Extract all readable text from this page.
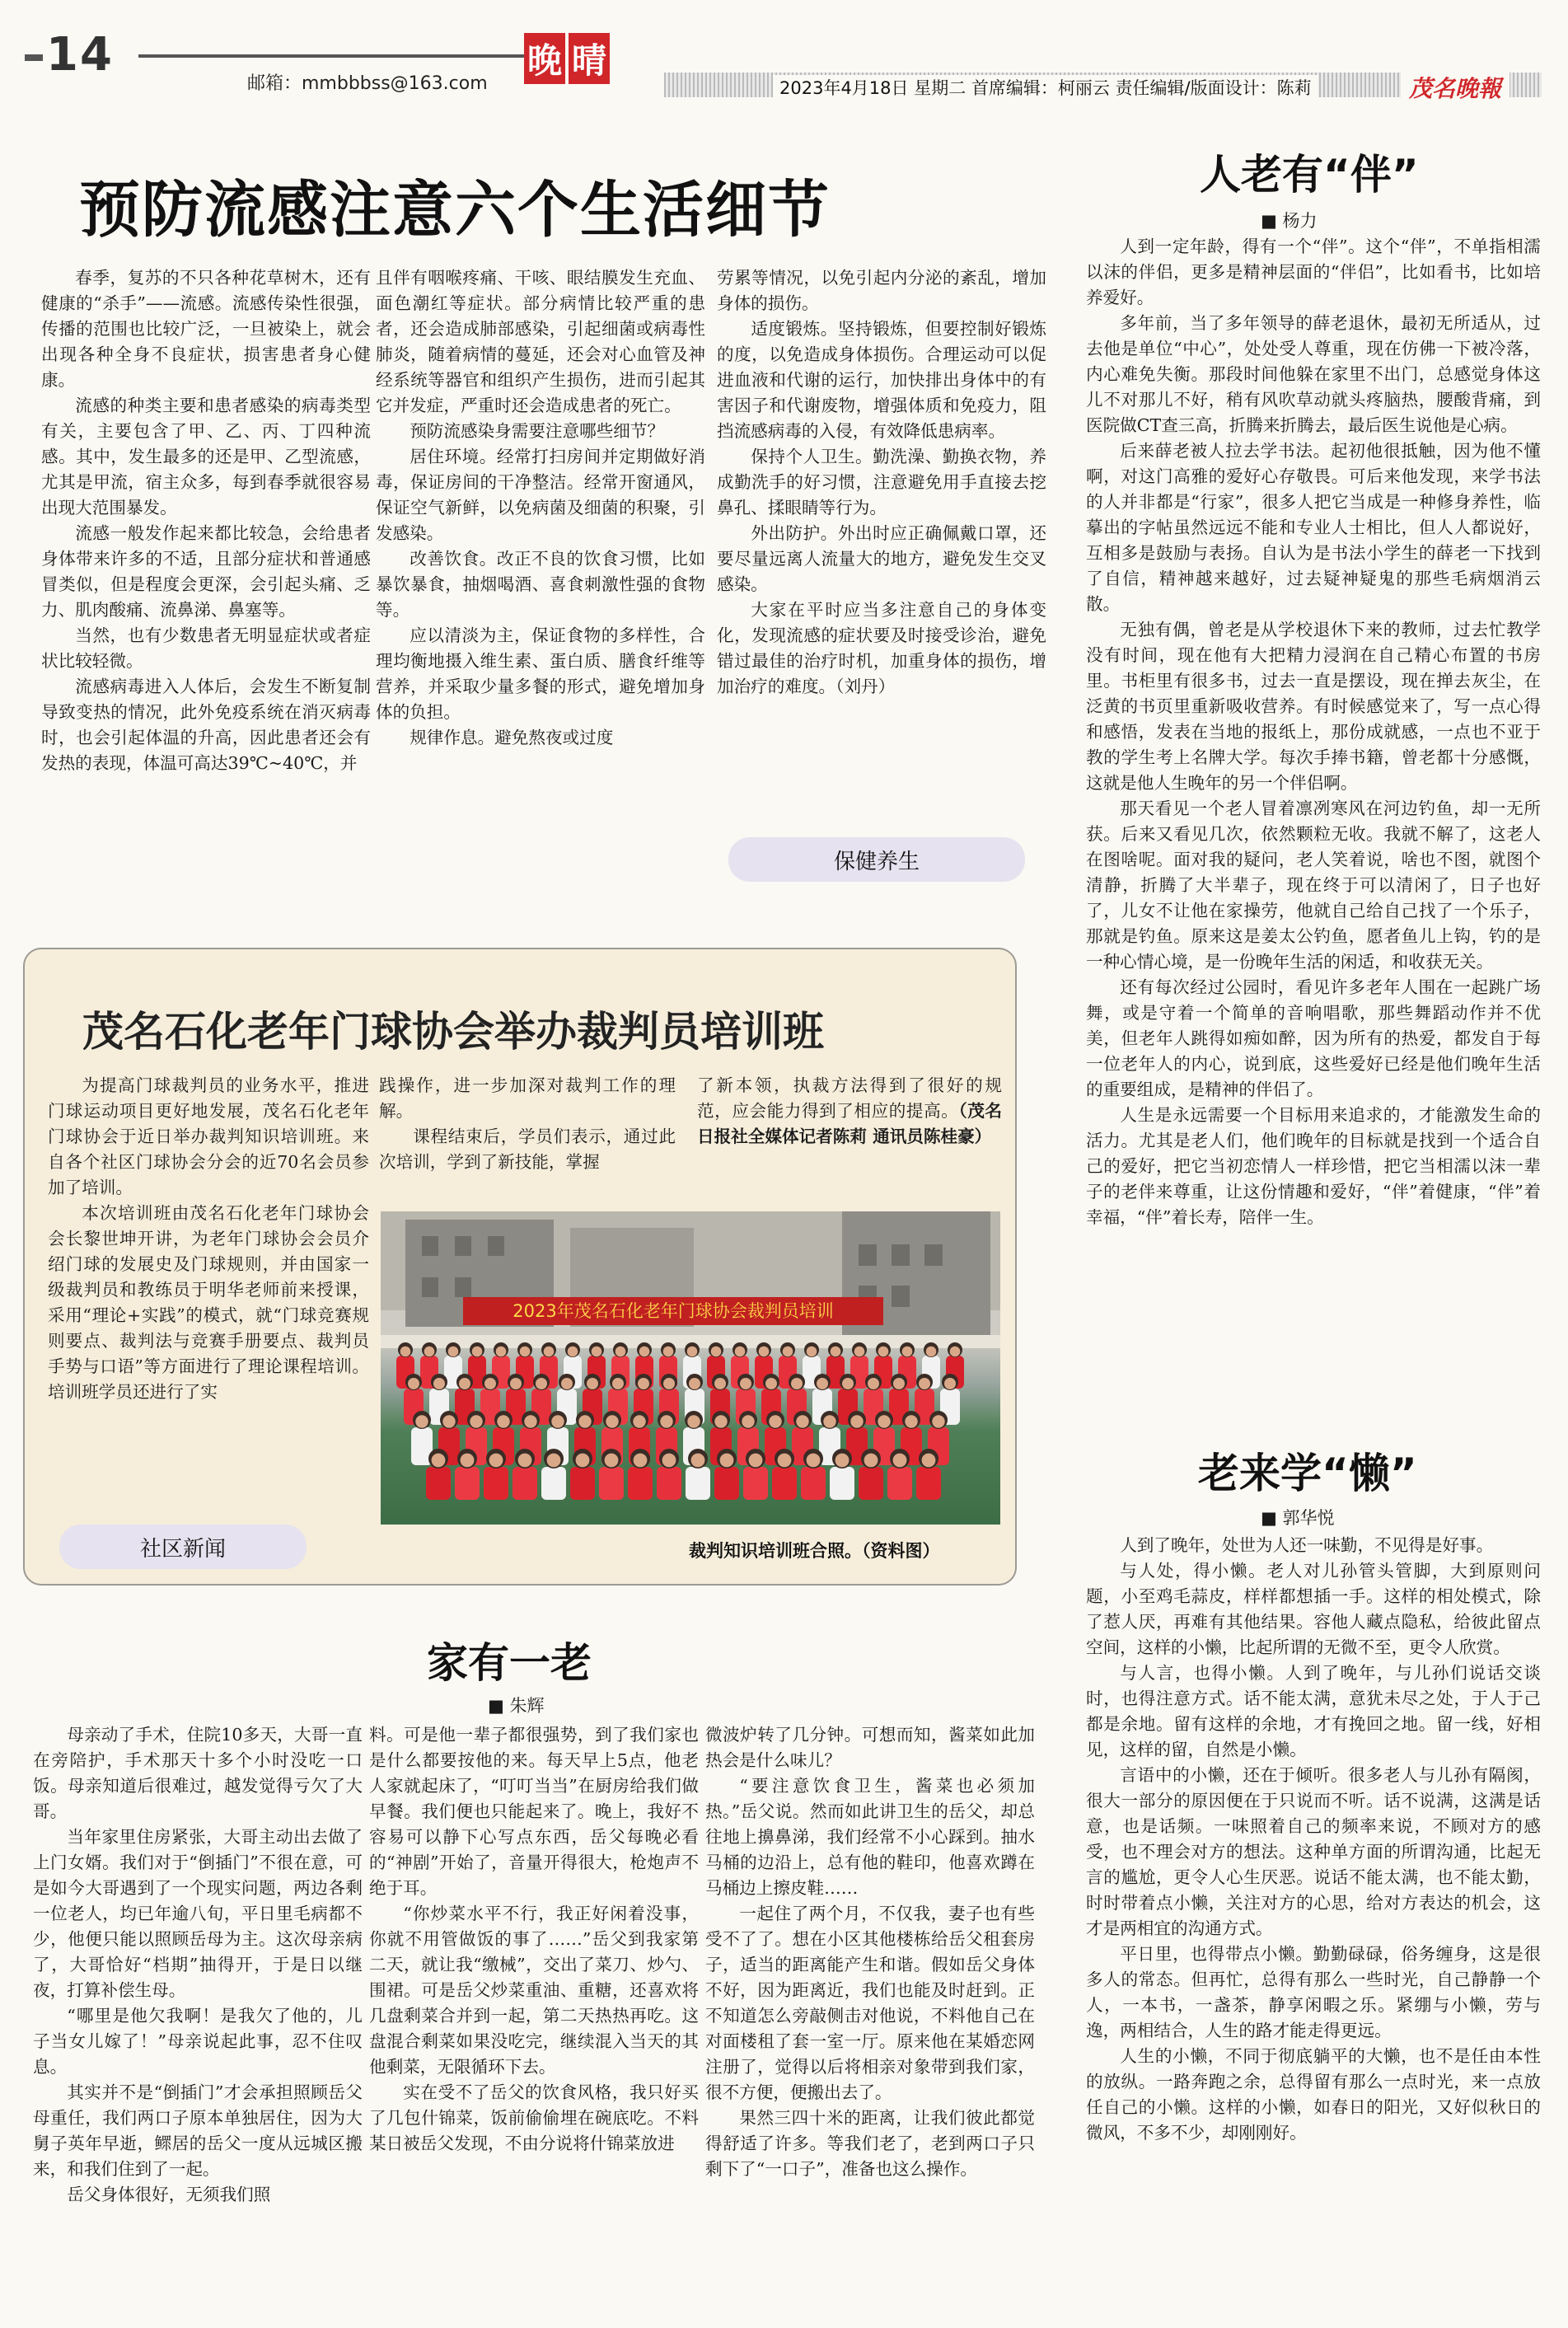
14
邮箱：mmbbbss@163.com
晚 晴
2023年4月18日 星期二 首席编辑：柯丽云 责任编辑/版面设计：陈莉	茂名晚報
预防流感注意六个生活细节

春季，复苏的不只各种花草树木，还有健康的“杀手”——流感。流感传染性很强，传播的范围也比较广泛，一旦被染上，就会出现各种全身不良症状，损害患者身心健康。

流感的种类主要和患者感染的病毒类型有关，主要包含了甲、乙、丙、丁四种流感。其中，发生最多的还是甲、乙型流感，尤其是甲流，宿主众多，每到春季就很容易出现大范围暴发。

流感一般发作起来都比较急，会给患者身体带来许多的不适，且部分症状和普通感冒类似，但是程度会更深，会引起头痛、乏力、肌肉酸痛、流鼻涕、鼻塞等。

当然，也有少数患者无明显症状或者症状比较轻微。

流感病毒进入人体后，会发生不断复制导致变热的情况，此外免疫系统在消灭病毒时，也会引起体温的升高，因此患者还会有发热的表现，体温可高达39℃~40℃，并

且伴有咽喉疼痛、干咳、眼结膜发生充血、面色潮红等症状。部分病情比较严重的患者，还会造成肺部感染，引起细菌或病毒性肺炎，随着病情的蔓延，还会对心血管及神经系统等器官和组织产生损伤，进而引起其它并发症，严重时还会造成患者的死亡。

预防流感染身需要注意哪些细节？

居住环境。经常打扫房间并定期做好消毒，保证房间的干净整洁。经常开窗通风，保证空气新鲜，以免病菌及细菌的积聚，引发感染。

改善饮食。改正不良的饮食习惯，比如暴饮暴食，抽烟喝酒、喜食刺激性强的食物等。

应以清淡为主，保证食物的多样性，合理均衡地摄入维生素、蛋白质、膳食纤维等营养，并采取少量多餐的形式，避免增加身体的负担。

规律作息。避免熬夜或过度

劳累等情况，以免引起内分泌的紊乱，增加身体的损伤。

适度锻炼。坚持锻炼，但要控制好锻炼的度，以免造成身体损伤。合理运动可以促进血液和代谢的运行，加快排出身体中的有害因子和代谢废物，增强体质和免疫力，阻挡流感病毒的入侵，有效降低患病率。

保持个人卫生。勤洗澡、勤换衣物，养成勤洗手的好习惯，注意避免用手直接去挖鼻孔、揉眼睛等行为。

外出防护。外出时应正确佩戴口罩，还要尽量远离人流量大的地方，避免发生交叉感染。

大家在平时应当多注意自己的身体变化，发现流感的症状要及时接受诊治，避免错过最佳的治疗时机，加重身体的损伤，增加治疗的难度。（刘丹）

保健养生
茂名石化老年门球协会举办裁判员培训班

为提高门球裁判员的业务水平，推进门球运动项目更好地发展，茂名石化老年门球协会于近日举办裁判知识培训班。来自各个社区门球协会分会的近70名会员参加了培训。

本次培训班由茂名石化老年门球协会会长黎世坤开讲，为老年门球协会会员介绍门球的发展史及门球规则，并由国家一级裁判员和教练员于明华老师前来授课，采用“理论+实践”的模式，就“门球竞赛规则要点、裁判法与竞赛手册要点、裁判员手势与口语”等方面进行了理论课程培训。培训班学员还进行了实

践操作，进一步加深对裁判工作的理解。

课程结束后，学员们表示，通过此次培训，学到了新技能，掌握

了新本领，执裁方法得到了很好的规范，应会能力得到了相应的提高。（茂名日报社全媒体记者陈莉 通讯员陈桂豪）

2023年茂名石化老年门球协会裁判员培训
裁判知识培训班合照。（资料图）
社区新闻
家有一老
■ 朱辉

母亲动了手术，住院10多天，大哥一直在旁陪护，手术那天十多个小时没吃一口饭。母亲知道后很难过，越发觉得亏欠了大哥。

当年家里住房紧张，大哥主动出去做了上门女婿。我们对于“倒插门”不很在意，可是如今大哥遇到了一个现实问题，两边各剩一位老人，均已年逾八旬，平日里毛病都不少，他便只能以照顾岳母为主。这次母亲病了，大哥恰好“档期”抽得开，于是日以继夜，打算补偿生母。

“哪里是他欠我啊！是我欠了他的，儿子当女儿嫁了！”母亲说起此事，忍不住叹息。

其实并不是“倒插门”才会承担照顾岳父母重任，我们两口子原本单独居住，因为大舅子英年早逝，鳏居的岳父一度从远城区搬来，和我们住到了一起。

岳父身体很好，无须我们照

料。可是他一辈子都很强势，到了我们家也是什么都要按他的来。每天早上5点，他老人家就起床了，“叮叮当当”在厨房给我们做早餐。我们便也只能起来了。晚上，我好不容易可以静下心写点东西，岳父每晚必看的“神剧”开始了，音量开得很大，枪炮声不绝于耳。

“你炒菜水平不行，我正好闲着没事，你就不用管做饭的事了……”岳父到我家第二天，就让我“缴械”，交出了菜刀、炒勺、围裙。可是岳父炒菜重油、重糖，还喜欢将几盘剩菜合并到一起，第二天热热再吃。这盘混合剩菜如果没吃完，继续混入当天的其他剩菜，无限循环下去。

实在受不了岳父的饮食风格，我只好买了几包什锦菜，饭前偷偷埋在碗底吃。不料某日被岳父发现，不由分说将什锦菜放进

微波炉转了几分钟。可想而知，酱菜如此加热会是什么味儿？

“要注意饮食卫生，酱菜也必须加热。”岳父说。然而如此讲卫生的岳父，却总往地上擤鼻涕，我们经常不小心踩到。抽水马桶的边沿上，总有他的鞋印，他喜欢蹲在马桶边上擦皮鞋……

一起住了两个月，不仅我，妻子也有些受不了了。想在小区其他楼栋给岳父租套房子，适当的距离能产生和谐。假如岳父身体不好，因为距离近，我们也能及时赶到。正不知道怎么旁敲侧击对他说，不料他自己在对面楼租了套一室一厅。原来他在某婚恋网注册了，觉得以后将相亲对象带到我们家，很不方便，便搬出去了。

果然三四十米的距离，让我们彼此都觉得舒适了许多。等我们老了，老到两口子只剩下了“一口子”，准备也这么操作。

人老有“伴”
■ 杨力

人到一定年龄，得有一个“伴”。这个“伴”，不单指相濡以沫的伴侣，更多是精神层面的“伴侣”，比如看书，比如培养爱好。

多年前，当了多年领导的薛老退休，最初无所适从，过去他是单位“中心”，处处受人尊重，现在仿佛一下被冷落，内心难免失衡。那段时间他躲在家里不出门，总感觉身体这儿不对那儿不好，稍有风吹草动就头疼脑热，腰酸背痛，到医院做CT查三高，折腾来折腾去，最后医生说他是心病。

后来薛老被人拉去学书法。起初他很抵触，因为他不懂啊，对这门高雅的爱好心存敬畏。可后来他发现，来学书法的人并非都是“行家”，很多人把它当成是一种修身养性，临摹出的字帖虽然远远不能和专业人士相比，但人人都说好，互相多是鼓励与表扬。自认为是书法小学生的薛老一下找到了自信，精神越来越好，过去疑神疑鬼的那些毛病烟消云散。

无独有偶，曾老是从学校退休下来的教师，过去忙教学没有时间，现在他有大把精力浸润在自己精心布置的书房里。书柜里有很多书，过去一直是摆设，现在掸去灰尘，在泛黄的书页里重新吸收营养。有时候感觉来了，写一点心得和感悟，发表在当地的报纸上，那份成就感，一点也不亚于教的学生考上名牌大学。每次手捧书籍，曾老都十分感慨，这就是他人生晚年的另一个伴侣啊。

那天看见一个老人冒着凛冽寒风在河边钓鱼，却一无所获。后来又看见几次，依然颗粒无收。我就不解了，这老人在图啥呢。面对我的疑问，老人笑着说，啥也不图，就图个清静，折腾了大半辈子，现在终于可以清闲了，日子也好了，儿女不让他在家操劳，他就自己给自己找了一个乐子，那就是钓鱼。原来这是姜太公钓鱼，愿者鱼儿上钩，钓的是一种心情心境，是一份晚年生活的闲适，和收获无关。

还有每次经过公园时，看见许多老年人围在一起跳广场舞，或是守着一个简单的音响唱歌，那些舞蹈动作并不优美，但老年人跳得如痴如醉，因为所有的热爱，都发自于每一位老年人的内心，说到底，这些爱好已经是他们晚年生活的重要组成，是精神的伴侣了。

人生是永远需要一个目标用来追求的，才能激发生命的活力。尤其是老人们，他们晚年的目标就是找到一个适合自己的爱好，把它当初恋情人一样珍惜，把它当相濡以沫一辈子的老伴来尊重，让这份情趣和爱好，“伴”着健康，“伴”着幸福，“伴”着长寿，陪伴一生。

老来学“懒”
■ 郭华悦

人到了晚年，处世为人还一味勤，不见得是好事。

与人处，得小懒。老人对儿孙管头管脚，大到原则问题，小至鸡毛蒜皮，样样都想插一手。这样的相处模式，除了惹人厌，再难有其他结果。容他人藏点隐私，给彼此留点空间，这样的小懒，比起所谓的无微不至，更令人欣赏。

与人言，也得小懒。人到了晚年，与儿孙们说话交谈时，也得注意方式。话不能太满，意犹未尽之处，于人于己都是余地。留有这样的余地，才有挽回之地。留一线，好相见，这样的留，自然是小懒。

言语中的小懒，还在于倾听。很多老人与儿孙有隔阂，很大一部分的原因便在于只说而不听。话不说满，这满是话意，也是话频。一味照着自己的频率来说，不顾对方的感受，也不理会对方的想法。这种单方面的所谓沟通，比起无言的尴尬，更令人心生厌恶。说话不能太满，也不能太勤，时时带着点小懒，关注对方的心思，给对方表达的机会，这才是两相宜的沟通方式。

平日里，也得带点小懒。勤勤碌碌，俗务缠身，这是很多人的常态。但再忙，总得有那么一些时光，自己静静一个人，一本书，一盏茶，静享闲暇之乐。紧绷与小懒，劳与逸，两相结合，人生的路才能走得更远。

人生的小懒，不同于彻底躺平的大懒，也不是任由本性的放纵。一路奔跑之余，总得留有那么一点时光，来一点放任自己的小懒。这样的小懒，如春日的阳光，又好似秋日的微风，不多不少，却刚刚好。
